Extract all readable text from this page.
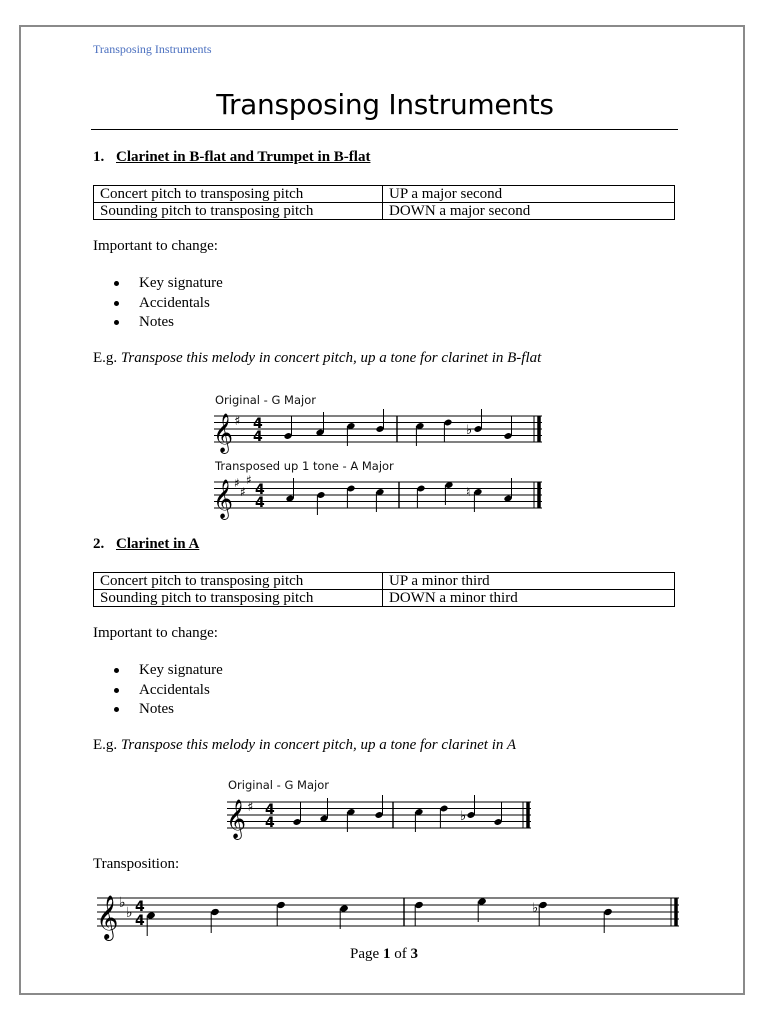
Transposing Instruments
Transposing Instruments
1. Clarinet in B-flat and Trumpet in B-flat
Concert pitch to transposing pitch	UP a major second
Sounding pitch to transposing pitch	DOWN a major second
Important to change:
Key signature
Accidentals
Notes
E.g. Transpose this melody in concert pitch, up a tone for clarinet in B-flat
Original - G Major
𝄞 ♯ 4
4	♭
Transposed up 1 tone - A Major
𝄞 ♯
♯
♯
4
4
♮
2. Clarinet in A
Concert pitch to transposing pitch	UP a minor third
Sounding pitch to transposing pitch	DOWN a minor third
Important to change:
Key signature
Accidentals
Notes
E.g. Transpose this melody in concert pitch, up a tone for clarinet in A
Original - G Major
𝄞 ♯ 4
4	♭
Transposition:
𝄞 ♭
♭ 4
4
♭
Page 1 of 3
